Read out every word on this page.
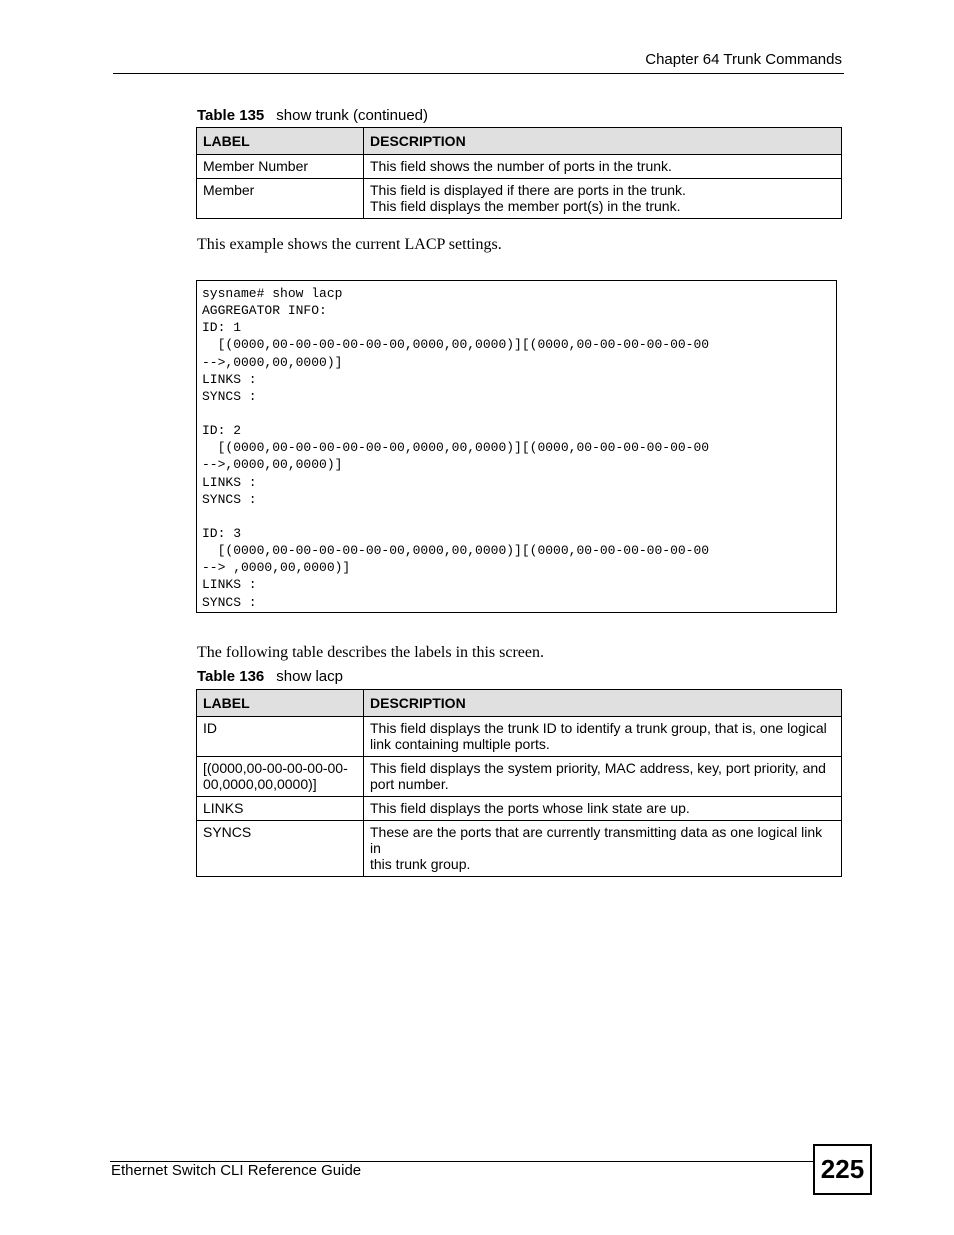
Chapter 64 Trunk Commands
Table 135 show trunk (continued)
LABEL	DESCRIPTION
Member Number	This field shows the number of ports in the trunk.

Member	This field is displayed if there are ports in the trunk.
This field displays the member port(s) in the trunk.
This example shows the current LACP settings.
sysname# show lacp
AGGREGATOR INFO:
ID: 1
[(0000,00-00-00-00-00-00,0000,00,0000)][(0000,00-00-00-00-00-00
-->,0000,00,0000)]
LINKS :
SYNCS :
ID: 2
[(0000,00-00-00-00-00-00,0000,00,0000)][(0000,00-00-00-00-00-00
-->,0000,00,0000)]
LINKS :
SYNCS :
ID: 3
[(0000,00-00-00-00-00-00,0000,00,0000)][(0000,00-00-00-00-00-00
--> ,0000,00,0000)]
LINKS :
SYNCS :
The following table describes the labels in this screen.
Table 136 show lacp
LABEL	DESCRIPTION

ID	This field displays the trunk ID to identify a trunk group, that is, one logical
link containing multiple ports.

[(0000,00-00-00-00-00-
00,0000,00,0000)]	This field displays the system priority, MAC address, key, port priority, and
port number.

LINKS	This field displays the ports whose link state are up.

SYNCS	These are the ports that are currently transmitting data as one logical link in
this trunk group.
Ethernet Switch CLI Reference Guide	225
